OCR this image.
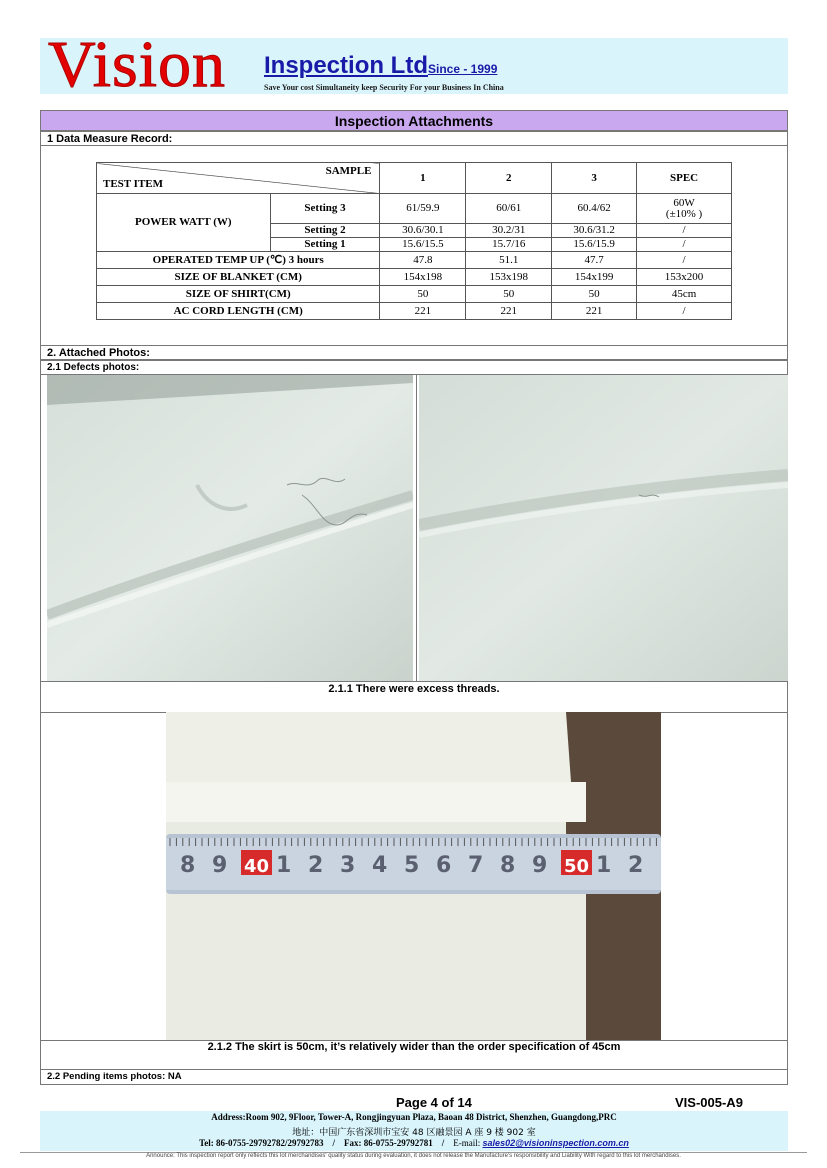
Vision Inspection LtdSince - 1999
Save Your cost Simultaneity keep Security For your Business In China
Inspection Attachments
1 Data Measure Record:
SAMPLE
TEST ITEM		1	2	3	SPEC
POWER WATT (W)	Setting 3	61/59.9	60/61	60.4/62	60W
(±10% )

	Setting 2	30.6/30.1	30.2/31	30.6/31.2	/
	Setting 1	15.6/15.5	15.7/16	15.6/15.9	/
OPERATED TEMP UP (℃) 3 hours		47.8	51.1	47.7	/
SIZE OF BLANKET (CM)		154x198	153x198	154x199	153x200
SIZE OF SHIRT(CM)		50	50	50	45cm
AC CORD LENGTH (CM)		221	221	221	/
2. Attached Photos:
2.1 Defects photos:
2.1.1 There were excess threads.
8 9 40 1 2 3 4 5 6 7 8 9 50 1 2
2.1.2 The skirt is 50cm, it’s relatively wider than the order specification of 45cm
2.2 Pending items photos: NA
Page 4 of 14	VIS-005-A9
Address:Room 902, 9Floor, Tower-A, Rongjingyuan Plaza, Baoan 48 District, Shenzhen, Guangdong,PRC
地址：中国广东省深圳市宝安 48 区融景园 A 座 9 楼 902 室
Tel: 86-0755-29792782/29792783 / Fax: 86-0755-29792781 / E-mail: sales02@visioninspection.com.cn
Announce: This inspection report only reflects this lot merchandises' quality status during evaluation, it does not release the Manufacture's responsibility and Liability With regard to this lot merchandises.
